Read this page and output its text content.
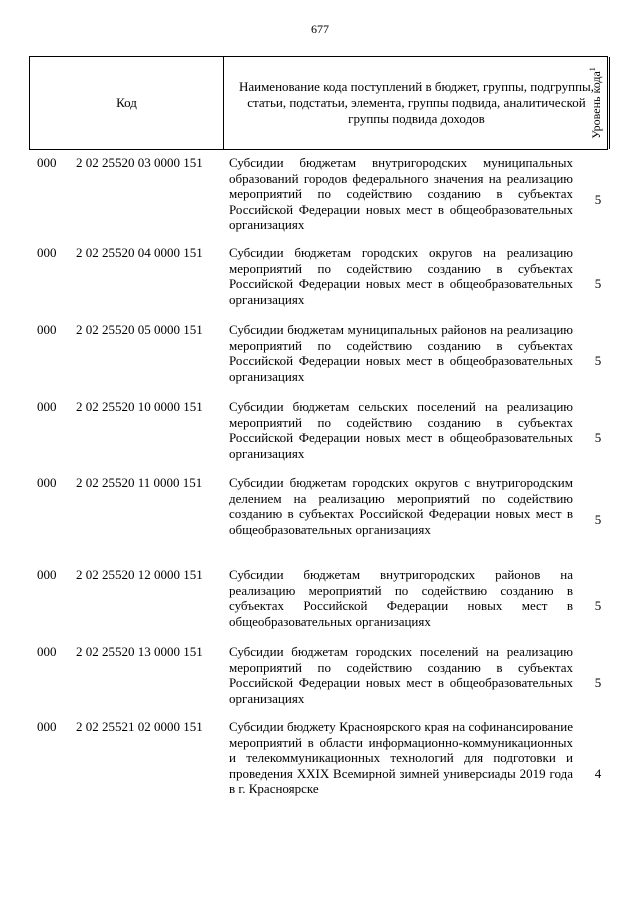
677
Код
Наименование кода поступлений в бюджет, группы, подгруппы, статьи, подстатьи, элемента, группы подвида, аналитической группы подвида доходов	Уровень кода$^1$
000 2 02 25520 03 0000 151 Субсидии бюджетам внутригородских муниципальных образований городов федерального значения на реализацию мероприятий по содействию созданию в субъектах Российской Федерации новых мест в общеобразовательных организациях
5
000 2 02 25520 04 0000 151 Субсидии бюджетам городских округов на реализацию мероприятий по содействию созданию в субъектах Российской Федерации новых мест в общеобразовательных организациях
5
000 2 02 25520 05 0000 151 Субсидии бюджетам муниципальных районов на реализацию мероприятий по содействию созданию в субъектах Российской Федерации новых мест в общеобразовательных организациях
5
000 2 02 25520 10 0000 151 Субсидии бюджетам сельских поселений на реализацию мероприятий по содействию созданию в субъектах Российской Федерации новых мест в общеобразовательных организациях
5
000 2 02 25520 11 0000 151 Субсидии бюджетам городских округов с внутригородским делением на реализацию мероприятий по содействию созданию в субъектах Российской Федерации новых мест в общеобразовательных организациях
5
000 2 02 25520 12 0000 151 Субсидии бюджетам внутригородских районов на реализацию мероприятий по содействию созданию в субъектах Российской Федерации новых мест в общеобразовательных организациях
5
000 2 02 25520 13 0000 151 Субсидии бюджетам городских поселений на реализацию мероприятий по содействию созданию в субъектах Российской Федерации новых мест в общеобразовательных организациях
5
000 2 02 25521 02 0000 151 Субсидии бюджету Красноярского края на софинансирование мероприятий в области информационно-коммуникационных и телекоммуникационных технологий для подготовки и проведения XXIX Всемирной зимней универсиады 2019 года в г. Красноярске
4
